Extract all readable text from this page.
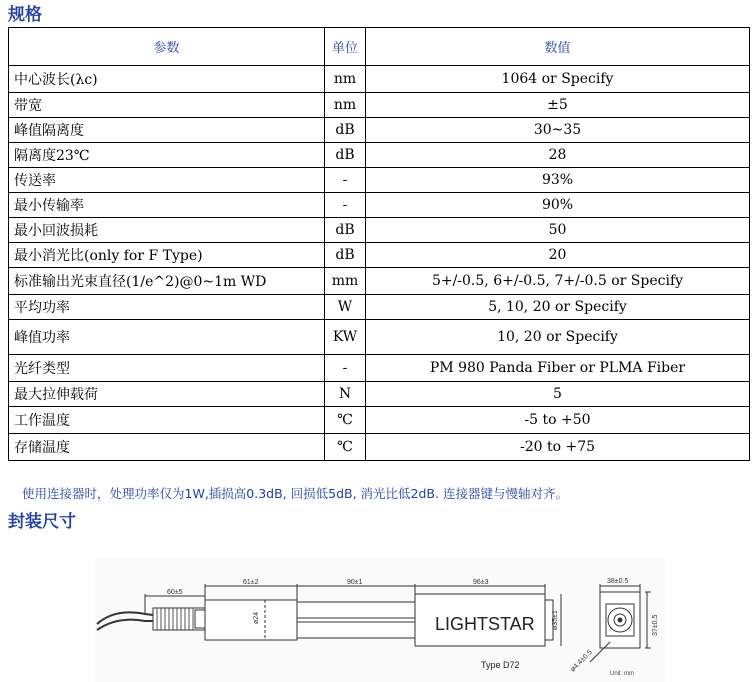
规格
参数	单位	数值
中心波长(λc)	nm	1064 or Specify
带宽	nm	±5
峰值隔离度	dB	30~35
隔离度23℃	dB	28
传送率	-	93%
最小传输率	-	90%
最小回波损耗	dB	50
最小消光比(only for F Type)	dB	20
标准输出光束直径(1/e^2)@0~1m WD	mm	5+/-0.5, 6+/-0.5, 7+/-0.5 or Specify
平均功率	W	5, 10, 20 or Specify
峰值功率	KW	10, 20 or Specify
光纤类型	-	PM 980 Panda Fiber or PLMA Fiber
最大拉伸载荷	N	5
工作温度	℃	-5 to +50
存储温度	℃	-20 to +75

使用连接器时，处理功率仅为1W,插损高0.3dB, 回损低5dB, 消光比低2dB. 连接器键与慢轴对齐。

封装尺寸
60±5
61±2	90±1	96±3
ø24	ø35±1
38±0.5
37±0.5
ø4.4±0.5
LIGHTSTAR
Type D72
Unit: mm
